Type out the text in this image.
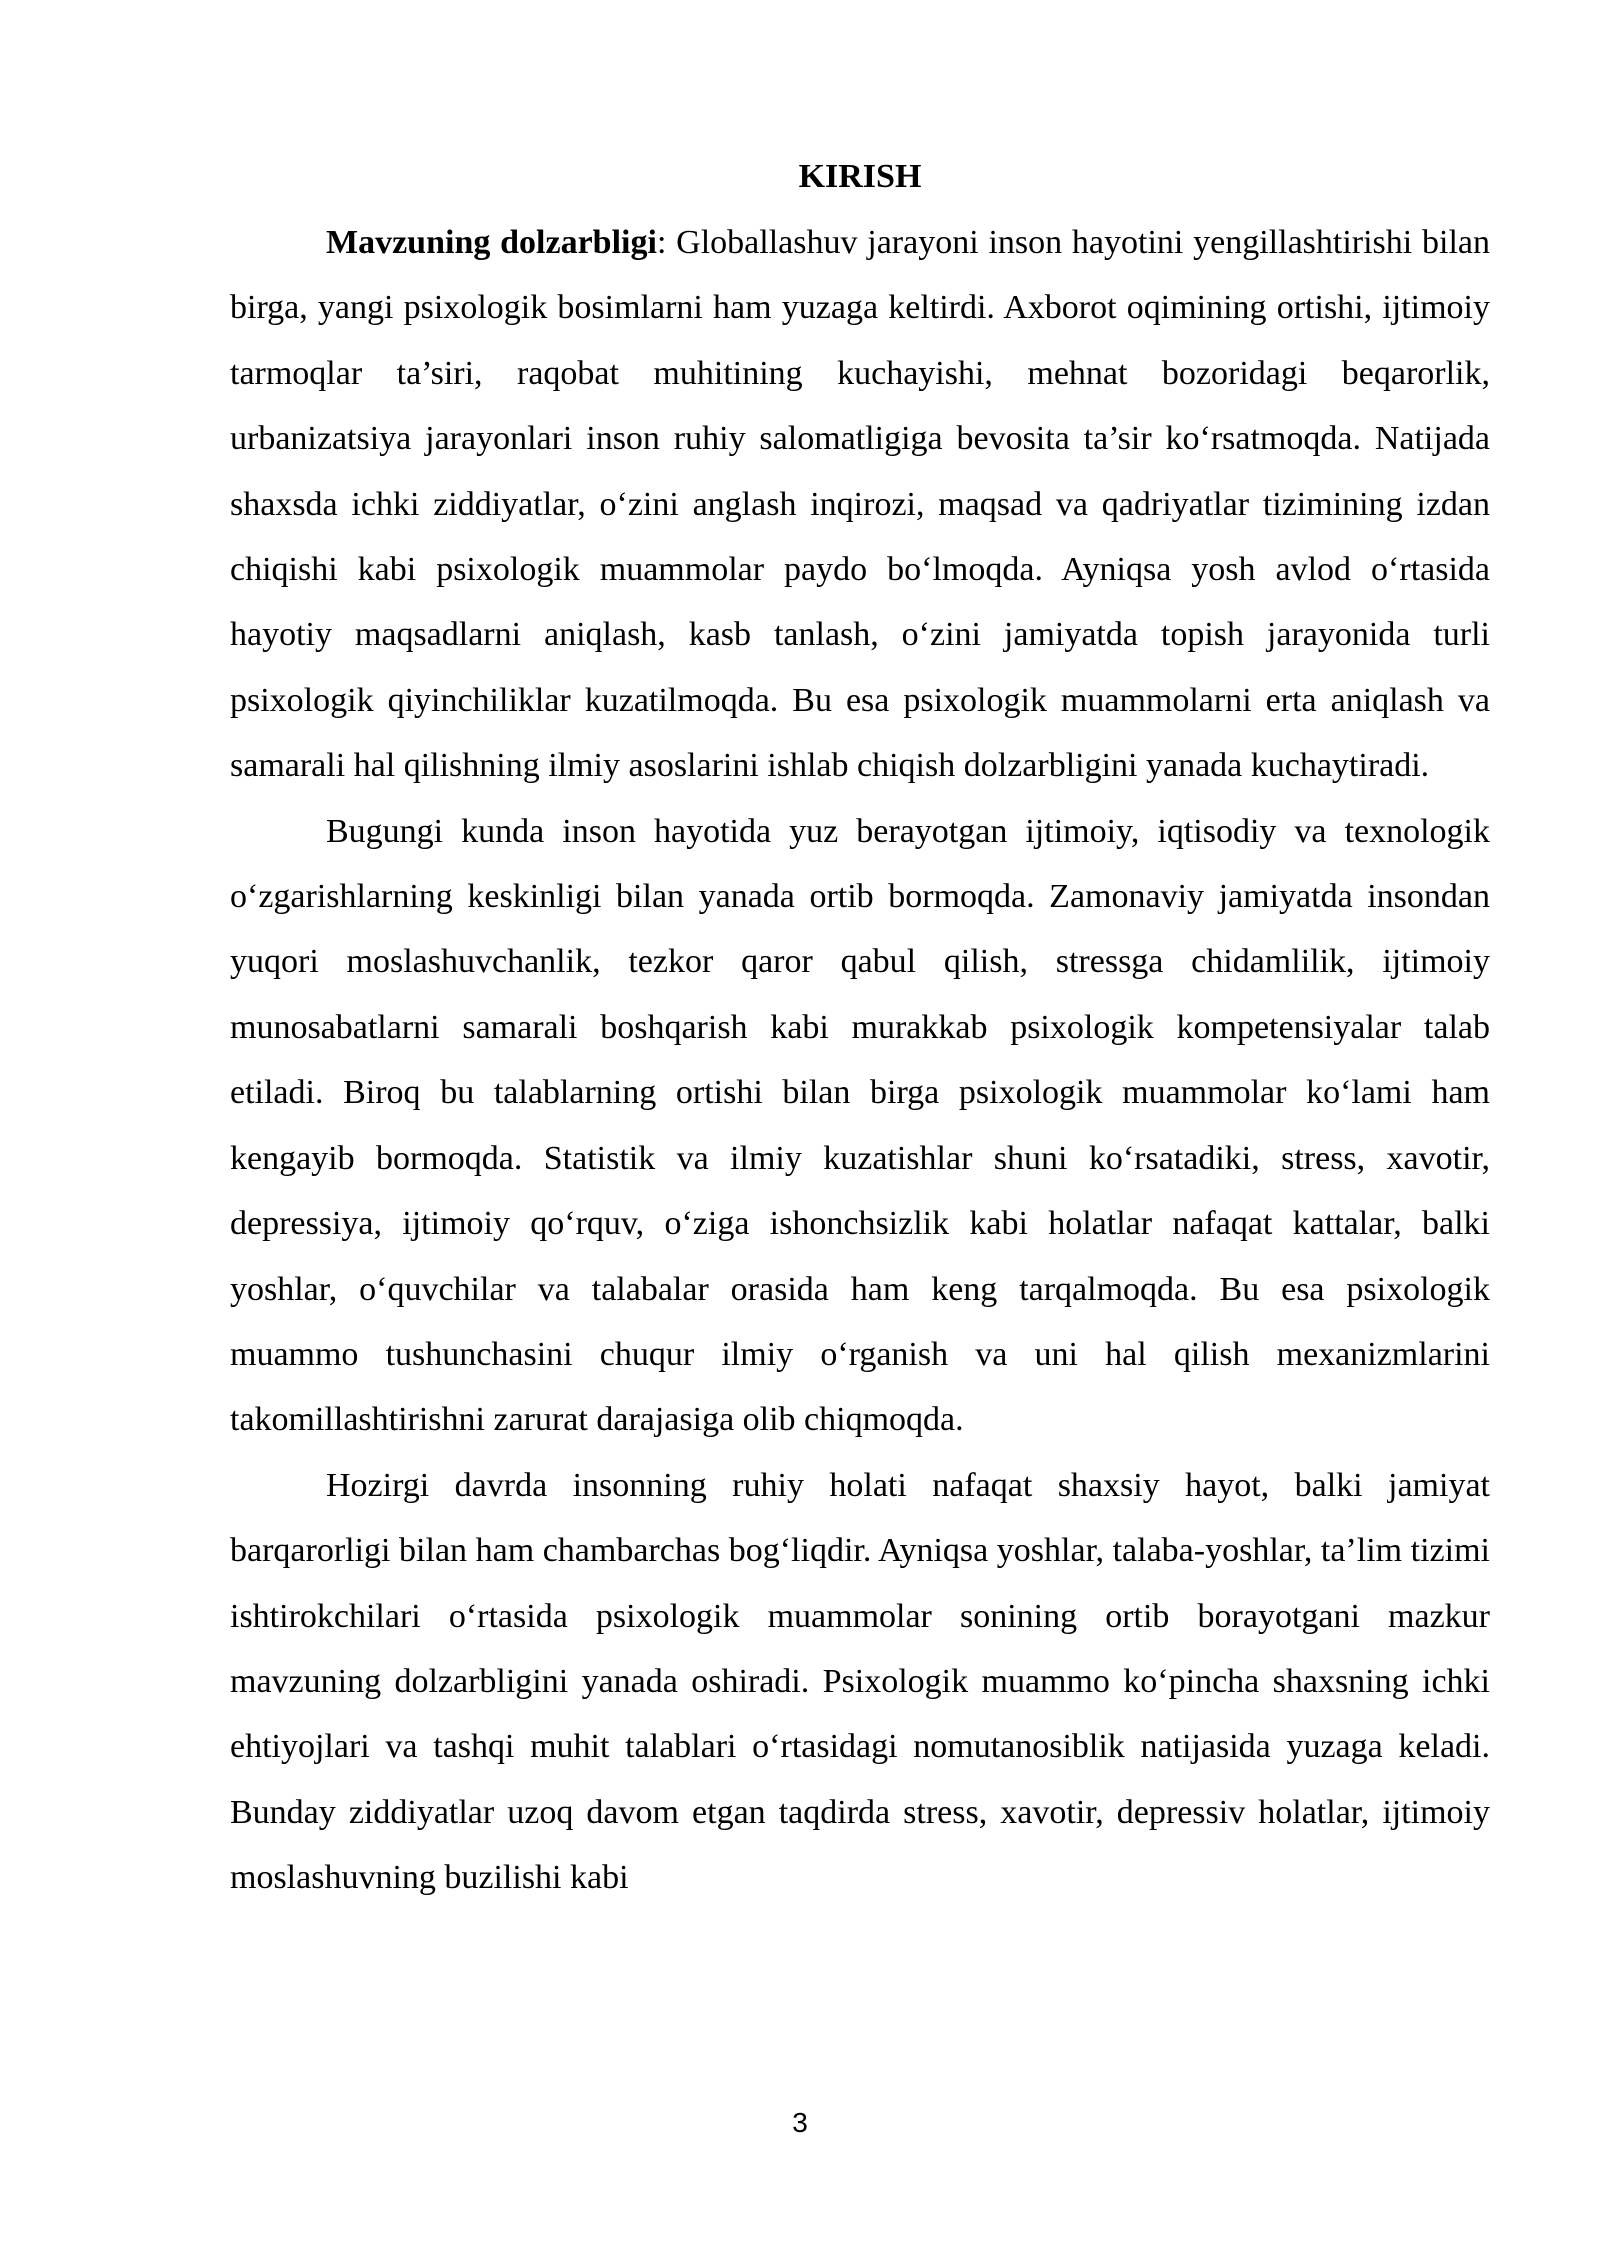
KIRISH

Mavzuning dolzarbligi: Globallashuv jarayoni inson hayotini yengillashtirishi bilan birga, yangi psixologik bosimlarni ham yuzaga keltirdi. Axborot oqimining ortishi, ijtimoiy tarmoqlar ta’siri, raqobat muhitining kuchayishi, mehnat bozoridagi beqarorlik, urbanizatsiya jarayonlari inson ruhiy salomatligiga bevosita ta’sir ko‘rsatmoqda. Natijada shaxsda ichki ziddiyatlar, o‘zini anglash inqirozi, maqsad va qadriyatlar tizimining izdan chiqishi kabi psixologik muammolar paydo bo‘lmoqda. Ayniqsa yosh avlod o‘rtasida hayotiy maqsadlarni aniqlash, kasb tanlash, o‘zini jamiyatda topish jarayonida turli psixologik qiyinchiliklar kuzatilmoqda. Bu esa psixologik muammolarni erta aniqlash va samarali hal qilishning ilmiy asoslarini ishlab chiqish dolzarbligini yanada kuchaytiradi.

Bugungi kunda inson hayotida yuz berayotgan ijtimoiy, iqtisodiy va texnologik o‘zgarishlarning keskinligi bilan yanada ortib bormoqda. Zamonaviy jamiyatda insondan yuqori moslashuvchanlik, tezkor qaror qabul qilish, stressga chidamlilik, ijtimoiy munosabatlarni samarali boshqarish kabi murakkab psixologik kompetensiyalar talab etiladi. Biroq bu talablarning ortishi bilan birga psixologik muammolar ko‘lami ham kengayib bormoqda. Statistik va ilmiy kuzatishlar shuni ko‘rsatadiki, stress, xavotir, depressiya, ijtimoiy qo‘rquv, o‘ziga ishonchsizlik kabi holatlar nafaqat kattalar, balki yoshlar, o‘quvchilar va talabalar orasida ham keng tarqalmoqda. Bu esa psixologik muammo tushunchasini chuqur ilmiy o‘rganish va uni hal qilish mexanizmlarini takomillashtirishni zarurat darajasiga olib chiqmoqda.

Hozirgi davrda insonning ruhiy holati nafaqat shaxsiy hayot, balki jamiyat barqarorligi bilan ham chambarchas bog‘liqdir. Ayniqsa yoshlar, talaba-yoshlar, ta’lim tizimi ishtirokchilari o‘rtasida psixologik muammolar sonining ortib borayotgani mazkur mavzuning dolzarbligini yanada oshiradi. Psixologik muammo ko‘pincha shaxsning ichki ehtiyojlari va tashqi muhit talablari o‘rtasidagi nomutanosiblik natijasida yuzaga keladi. Bunday ziddiyatlar uzoq davom etgan taqdirda stress, xavotir, depressiv holatlar, ijtimoiy moslashuvning buzilishi kabi

3
